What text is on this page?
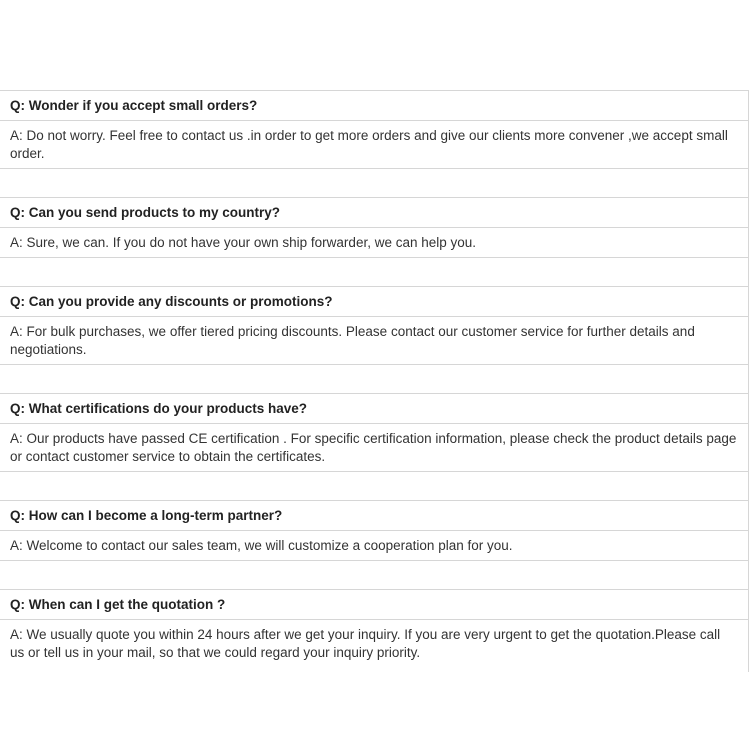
Q: Wonder if you accept small orders?
A: Do not worry. Feel free to contact us .in order to get more orders and give our clients more convener ,we accept small order.
Q: Can you send products to my country?
A: Sure, we can. If you do not have your own ship forwarder, we can help you.
Q: Can you provide any discounts or promotions?
A: For bulk purchases, we offer tiered pricing discounts. Please contact our customer service for further details and negotiations.
Q: What certifications do your products have?
A: Our products have passed CE certification . For specific certification information, please check the product details page or contact customer service to obtain the certificates.
Q: How can I become a long-term partner?
A: Welcome to contact our sales team, we will customize a cooperation plan for you.
Q: When can I get the quotation ?
A: We usually quote you within 24 hours after we get your inquiry. If you are very urgent to get the quotation.Please call us or tell us in your mail, so that we could regard your inquiry priority.
